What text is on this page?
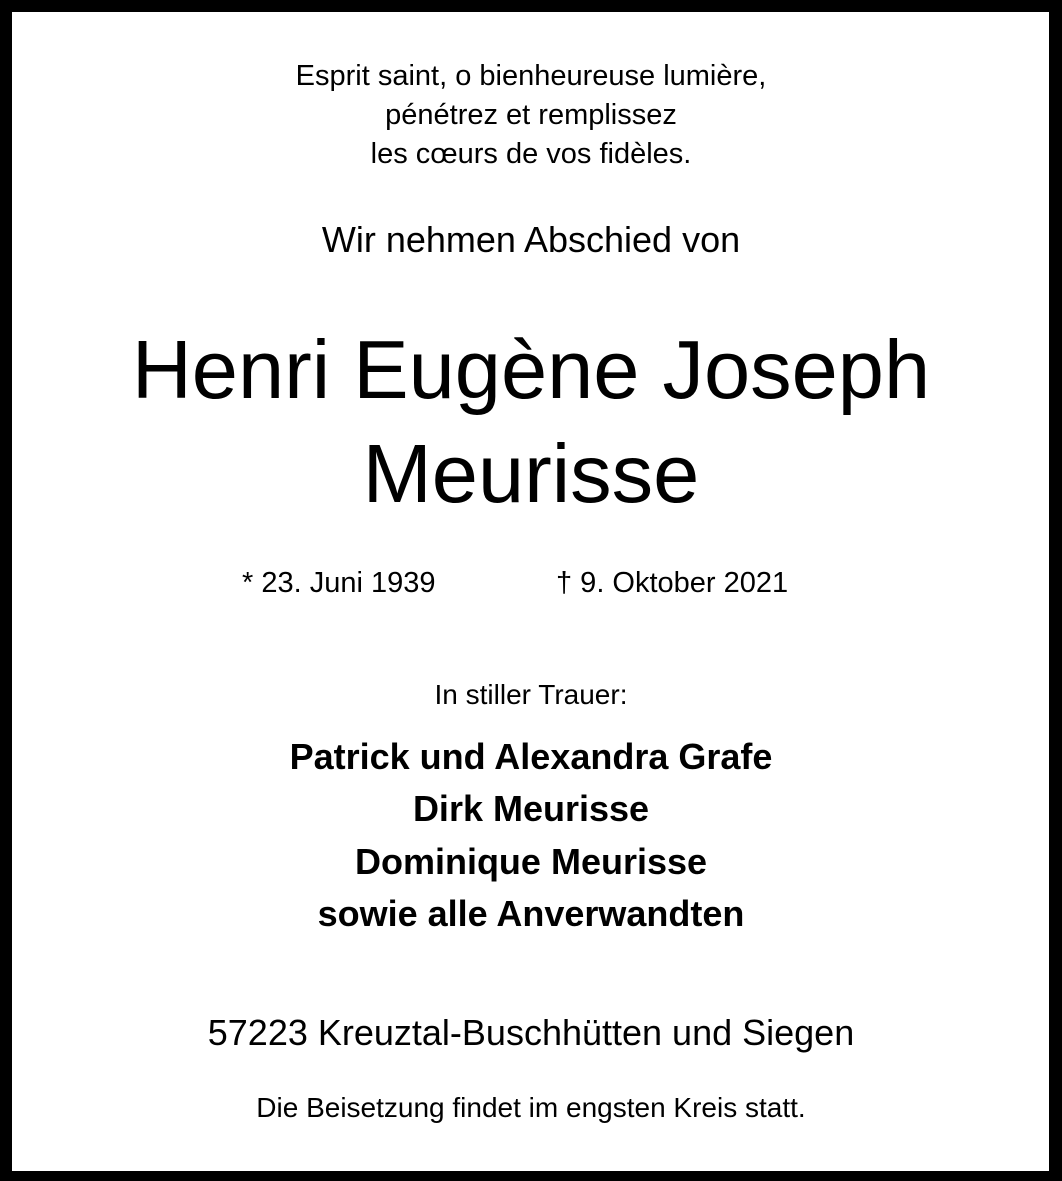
Esprit saint, o bienheureuse lumière,
pénétrez et remplissez
les cœurs de vos fidèles.
Wir nehmen Abschied von
Henri Eugène Joseph
Meurisse
* 23. Juni 1939	† 9. Oktober 2021
In stiller Trauer:
Patrick und Alexandra Grafe
Dirk Meurisse
Dominique Meurisse
sowie alle Anverwandten
57223 Kreuztal-Buschhütten und Siegen
Die Beisetzung findet im engsten Kreis statt.
